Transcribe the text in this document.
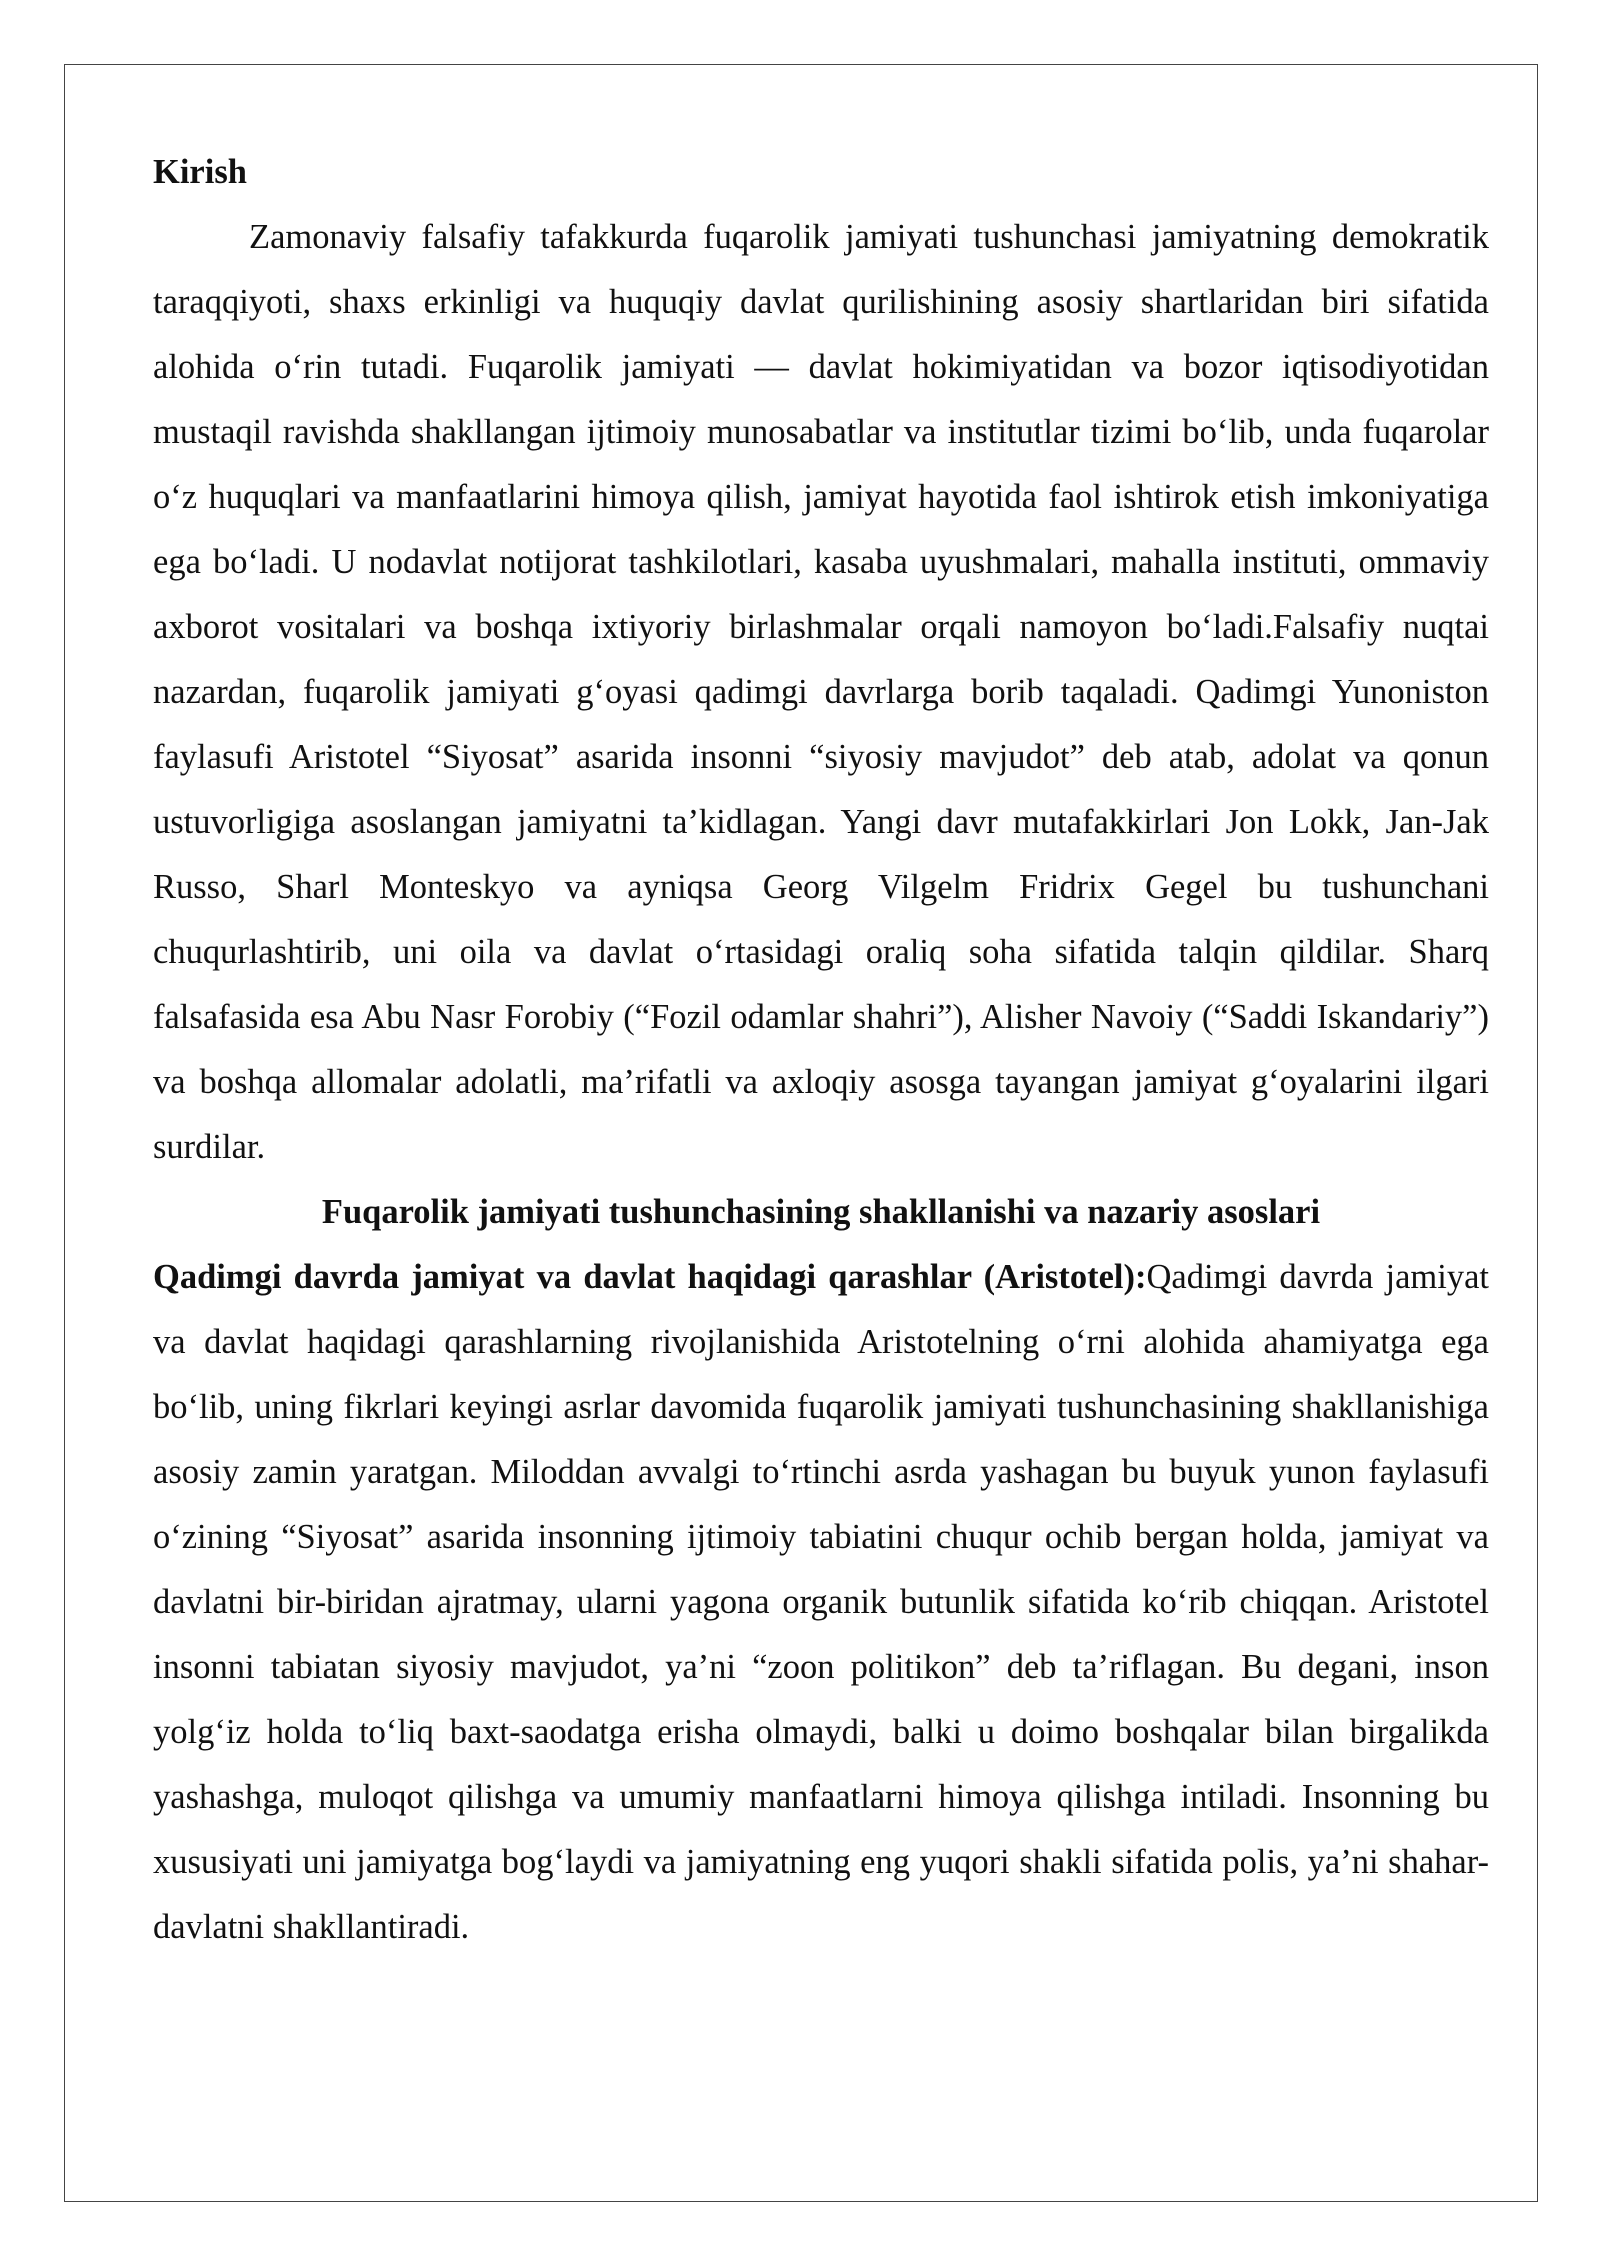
Kirish

Zamonaviy falsafiy tafakkurda fuqarolik jamiyati tushunchasi jamiyatning demokratik taraqqiyoti, shaxs erkinligi va huquqiy davlat qurilishining asosiy shartlaridan biri sifatida alohida o‘rin tutadi. Fuqarolik jamiyati — davlat hokimiyatidan va bozor iqtisodiyotidan mustaqil ravishda shakllangan ijtimoiy munosabatlar va institutlar tizimi bo‘lib, unda fuqarolar o‘z huquqlari va manfaatlarini himoya qilish, jamiyat hayotida faol ishtirok etish imkoniyatiga ega bo‘ladi. U nodavlat notijorat tashkilotlari, kasaba uyushmalari, mahalla instituti, ommaviy axborot vositalari va boshqa ixtiyoriy birlashmalar orqali namoyon bo‘ladi.Falsafiy nuqtai nazardan, fuqarolik jamiyati g‘oyasi qadimgi davrlarga borib taqaladi. Qadimgi Yunoniston faylasufi Aristotel “Siyosat” asarida insonni “siyosiy mavjudot” deb atab, adolat va qonun ustuvorligiga asoslangan jamiyatni ta’kidlagan. Yangi davr mutafakkirlari Jon Lokk, Jan-Jak Russo, Sharl Monteskyo va ayniqsa Georg Vilgelm Fridrix Gegel bu tushunchani chuqurlashtirib, uni oila va davlat o‘rtasidagi oraliq soha sifatida talqin qildilar. Sharq falsafasida esa Abu Nasr Forobiy (“Fozil odamlar shahri”), Alisher Navoiy (“Saddi Iskandariy”) va boshqa allomalar adolatli, ma’rifatli va axloqiy asosga tayangan jamiyat g‘oyalarini ilgari surdilar.

Fuqarolik jamiyati tushunchasining shakllanishi va nazariy asoslari

Qadimgi davrda jamiyat va davlat haqidagi qarashlar (Aristotel):Qadimgi davrda jamiyat va davlat haqidagi qarashlarning rivojlanishida Aristotelning o‘rni alohida ahamiyatga ega bo‘lib, uning fikrlari keyingi asrlar davomida fuqarolik jamiyati tushunchasining shakllanishiga asosiy zamin yaratgan. Miloddan avvalgi to‘rtinchi asrda yashagan bu buyuk yunon faylasufi o‘zining “Siyosat” asarida insonning ijtimoiy tabiatini chuqur ochib bergan holda, jamiyat va davlatni bir-biridan ajratmay, ularni yagona organik butunlik sifatida ko‘rib chiqqan. Aristotel insonni tabiatan siyosiy mavjudot, ya’ni “zoon politikon” deb ta’riflagan. Bu degani, inson yolg‘iz holda to‘liq baxt-saodatga erisha olmaydi, balki u doimo boshqalar bilan birgalikda yashashga, muloqot qilishga va umumiy manfaatlarni himoya qilishga intiladi. Insonning bu xususiyati uni jamiyatga bog‘laydi va jamiyatning eng yuqori shakli sifatida polis, ya’ni shahar-davlatni shakllantiradi.
